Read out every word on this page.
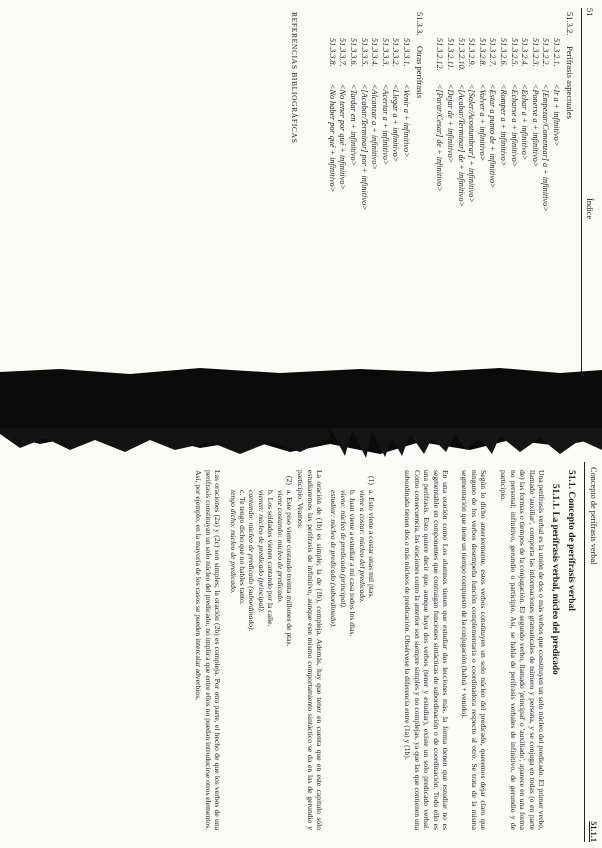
51
Índice
51.3.2.Perífrasis aspectuales
51.3.2.1.<Ir a + infinitivo>
51.3.2.2.<[Empezar/Comenzar] a + infinitivo>
51.3.2.3.<Ponerse a + infinitivo>
51.3.2.4.<Echar a + infinitivo>
51.3.2.5.<Echarse a + infinitivo>
51.3.2.6.<Romper a + infinitivo>
51.3.2.7.<Estar a punto de + infinitivo>
51.3.2.8.<Volver a + infinitivo>
51.3.2.9.<[Soler/Acostumbrar] + infinitivo>
51.3.2.10.<[Acabar/Terminar] de + infinitivo>
51.3.2.11.<Dejar de + infinitivo>
51.3.2.12.<[Parar/Cesar] de + infinitivo>
51.3.3.Otras perífrasis
51.3.3.1.<Venir a + infinitivo>
51.3.3.2.<Llegar a + infinitivo>
51.3.3.3.<Acertar a + infinitivo>
51.3.3.4.<Alcanzar a + infinitivo>
51.3.3.5.<[Acabar/Terminar] por + infinitivo>
51.3.3.6.<Tardar en + infinitivo>
51.3.3.7.<No tener por qué + infinitivo>
51.3.3.8.<No haber por qué + infinitivo>
REFERENCIAS BIBLIOGRÁFICAS
Concepto de perífrasis verbal
51.1.1
51.1. Concepto de perífrasis verbal
51.1.1. La perífrasis verbal, núcleo del predicado
Una perífrasis verbal es la unión de dos o más verbos que constituyen un solo núcleo del predicado. El primer verbo, llamado 'auxiliar', comporta las informaciones gramaticales de número y persona, y se conjuga en todas (o en parte de) las formas o tiempos de la conjugación. El segundo verbo, llamado 'principal' o 'auxiliado', aparece en una forma no personal: infinitivo, gerundio o participio. Así, se habla de perífrasis verbales de infinitivo, de gerundio y de participio.
Según lo dicho anteriormente, estos verbos constituyen un solo núcleo del predicado, queremos dejar claro que ninguno de los verbos desempeña función complementaria o coordinadora respecto al otro. Se trata de la misma segmentación que tiene un tiempo compuesto de la conjugación (habrá + venido).
En una oración como Los alumnos tienen que estudiar dos lecciones más, la forma tienen que estudiar no es segmentable en componentes que contraigan funciones sintácticas de subordinación o de coordinación. Todo ello es una perífrasis. Esto quiere decir que, aunque haya dos verbos (tener y estudiar), existe un solo predicado verbal. Como consecuencia, las oraciones como la anterior son siempre simples y no complejas, ya que las que contienen una subordinada tienen dos o más núcleos de predicación. Obsérvese la diferencia entre (1a) y (1b).
(1)a. Esto viene a costar unas mil ptas.
viene a costar: núcleo del predicado.
b. Juan viene a estudiar a mi casa todos los días.
viene: núcleo de predicado (principal).
estudiar: núcleo de predicado (subordinado).
La oración de (1b) es simple; la de (1b), compleja. Además, hay que tener en cuenta que en este capítulo sólo estudiaremos las perífrasis de infinitivo, aunque este mismo comportamiento sintáctico se da en las de gerundio y participio. Veamos:
(2)a. Este piso viene costando treinta millones de ptas.
viene costando: núcleo de predicado.
b. Los soldados vienen cantando por la calle.
vienen: núcleo de predicado (principal).
cantando: núcleo de predicado (subordinado).
c. Te tengo dicho que no hables tanto.
tengo dicho: núcleo de predicado.
Las oraciones (2a) y (2c) son simples; la oración (2b) es compleja. Por otra parte, el hecho de que los verbos de una perífrasis constituyan un solo núcleo del predicado, no implica que entre ellos no puedan introducirse otros elementos. Así, por ejemplo, en la mayoría de los casos se pueden intercalar adverbios,
